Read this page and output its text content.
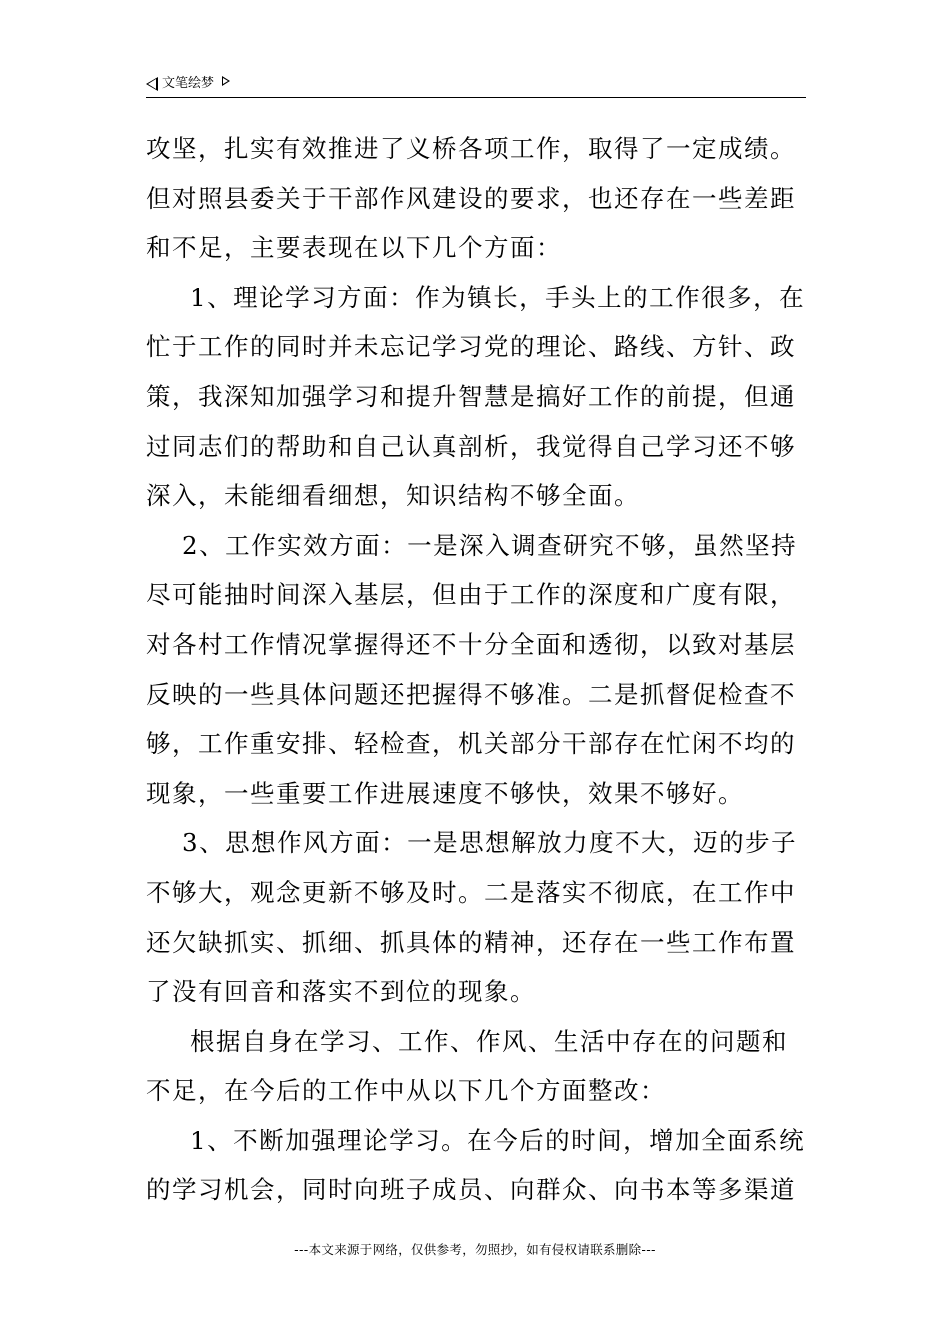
文笔绘梦
攻坚，扎实有效推进了义桥各项工作，取得了一定成绩。
但对照县委关于干部作风建设的要求，也还存在一些差距
和不足，主要表现在以下几个方面：
1、理论学习方面：作为镇长，手头上的工作很多，在
忙于工作的同时并未忘记学习党的理论、路线、方针、政
策，我深知加强学习和提升智慧是搞好工作的前提，但通
过同志们的帮助和自己认真剖析，我觉得自己学习还不够
深入，未能细看细想，知识结构不够全面。
2、工作实效方面：一是深入调查研究不够，虽然坚持
尽可能抽时间深入基层，但由于工作的深度和广度有限，
对各村工作情况掌握得还不十分全面和透彻，以致对基层
反映的一些具体问题还把握得不够准。二是抓督促检查不
够，工作重安排、轻检查，机关部分干部存在忙闲不均的
现象，一些重要工作进展速度不够快，效果不够好。
3、思想作风方面：一是思想解放力度不大，迈的步子
不够大，观念更新不够及时。二是落实不彻底，在工作中
还欠缺抓实、抓细、抓具体的精神，还存在一些工作布置
了没有回音和落实不到位的现象。
根据自身在学习、工作、作风、生活中存在的问题和
不足，在今后的工作中从以下几个方面整改：
1、不断加强理论学习。在今后的时间，增加全面系统
的学习机会，同时向班子成员、向群众、向书本等多渠道
---本文来源于网络，仅供参考，勿照抄，如有侵权请联系删除---
